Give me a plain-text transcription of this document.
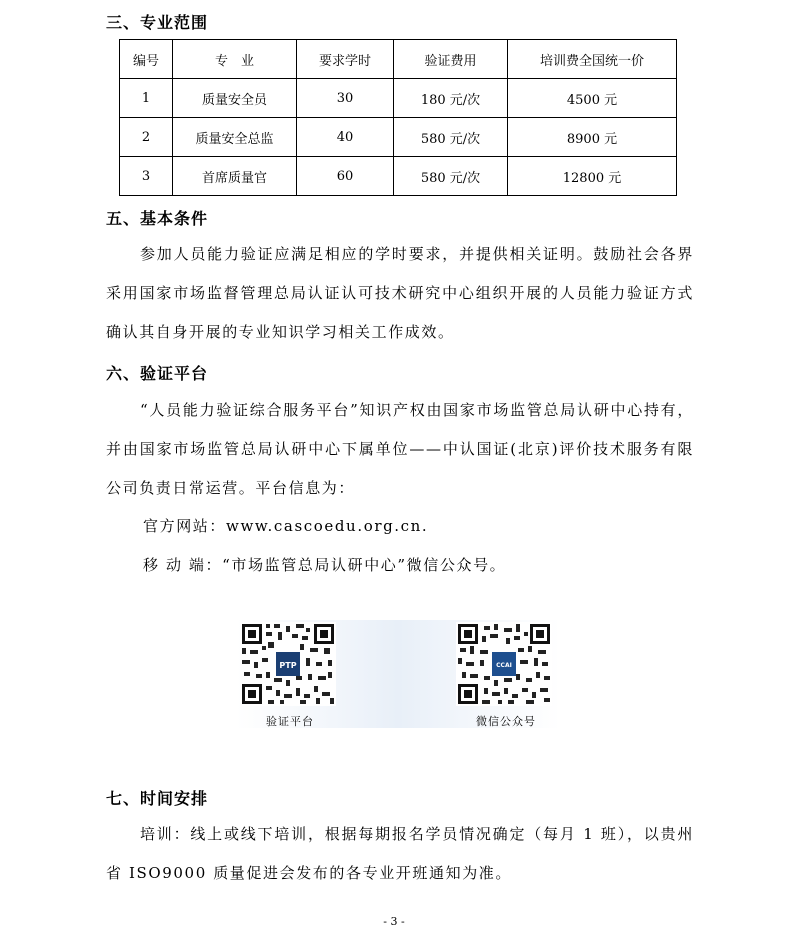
三、专业范围
编号	专　业	要求学时	验证费用	培训费全国统一价
1	质量安全员	30	180 元/次	4500 元
2	质量安全总监	40	580 元/次	8900 元
3	首席质量官	60	580 元/次	12800 元
五、基本条件
参加人员能力验证应满足相应的学时要求，并提供相关证明。鼓励社会各界采用国家市场监督管理总局认证认可技术研究中心组织开展的人员能力验证方式确认其自身开展的专业知识学习相关工作成效。
六、验证平台
“人员能力验证综合服务平台”知识产权由国家市场监管总局认研中心持有，并由国家市场监管总局认研中心下属单位——中认国证(北京)评价技术服务有限公司负责日常运营。平台信息为：
官方网站：www.cascoedu.org.cn.
移 动 端：“市场监管总局认研中心”微信公众号。
PTP
验证平台
CCAI
微信公众号
七、时间安排
培训：线上或线下培训，根据每期报名学员情况确定（每月 1 班），以贵州省 ISO9000 质量促进会发布的各专业开班通知为准。
- 3 -
